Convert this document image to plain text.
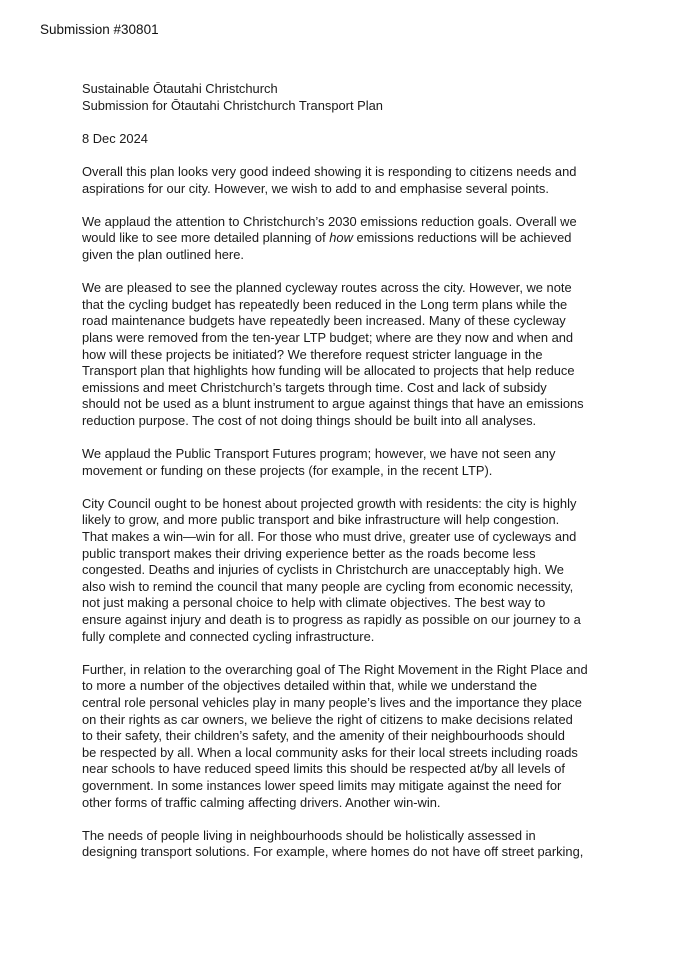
Submission #30801
Sustainable Ōtautahi Christchurch
Submission for Ōtautahi Christchurch Transport Plan
8 Dec 2024

Overall this plan looks very good indeed showing it is responding to citizens needs and
aspirations for our city. However, we wish to add to and emphasise several points.

We applaud the attention to Christchurch’s 2030 emissions reduction goals. Overall we
would like to see more detailed planning of how emissions reductions will be achieved
given the plan outlined here.

We are pleased to see the planned cycleway routes across the city. However, we note
that the cycling budget has repeatedly been reduced in the Long term plans while the
road maintenance budgets have repeatedly been increased. Many of these cycleway
plans were removed from the ten-year LTP budget; where are they now and when and
how will these projects be initiated? We therefore request stricter language in the
Transport plan that highlights how funding will be allocated to projects that help reduce
emissions and meet Christchurch’s targets through time. Cost and lack of subsidy
should not be used as a blunt instrument to argue against things that have an emissions
reduction purpose. The cost of not doing things should be built into all analyses.

We applaud the Public Transport Futures program; however, we have not seen any
movement or funding on these projects (for example, in the recent LTP).

City Council ought to be honest about projected growth with residents: the city is highly
likely to grow, and more public transport and bike infrastructure will help congestion.
That makes a win—win for all. For those who must drive, greater use of cycleways and
public transport makes their driving experience better as the roads become less
congested. Deaths and injuries of cyclists in Christchurch are unacceptably high. We
also wish to remind the council that many people are cycling from economic necessity,
not just making a personal choice to help with climate objectives. The best way to
ensure against injury and death is to progress as rapidly as possible on our journey to a
fully complete and connected cycling infrastructure.

Further, in relation to the overarching goal of The Right Movement in the Right Place and
to more a number of the objectives detailed within that, while we understand the
central role personal vehicles play in many people’s lives and the importance they place
on their rights as car owners, we believe the right of citizens to make decisions related
to their safety, their children’s safety, and the amenity of their neighbourhoods should
be respected by all. When a local community asks for their local streets including roads
near schools to have reduced speed limits this should be respected at/by all levels of
government. In some instances lower speed limits may mitigate against the need for
other forms of traffic calming affecting drivers. Another win-win.

The needs of people living in neighbourhoods should be holistically assessed in
designing transport solutions. For example, where homes do not have off street parking,
